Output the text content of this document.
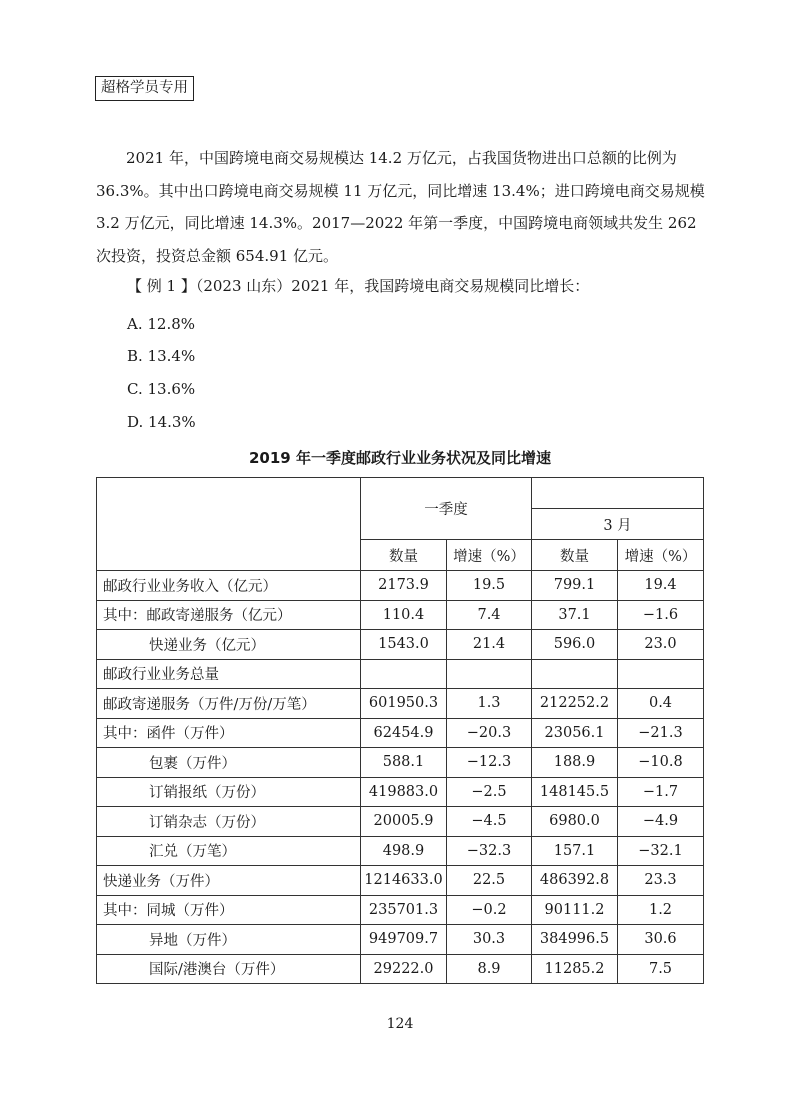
超格学员专用

2021 年，中国跨境电商交易规模达 14.2 万亿元，占我国货物进出口总额的比例为 36.3%。其中出口跨境电商交易规模 11 万亿元，同比增速 13.4%；进口跨境电商交易规模 3.2 万亿元，同比增速 14.3%。2017—2022 年第一季度，中国跨境电商领域共发生 262 次投资，投资总金额 654.91 亿元。

【 例 1 】（2023 山东）2021 年，我国跨境电商交易规模同比增长：
A. 12.8%
B. 13.4%
C. 13.6%
D. 14.3%
2019 年一季度邮政行业业务状况及同比增速
	一季度			
			3 月	
	数量	增速（%）	数量	增速（%）
邮政行业业务收入（亿元）	2173.9	19.5	799.1	19.4
其中：邮政寄递服务（亿元）	110.4	7.4	37.1	−1.6
快递业务（亿元）	1543.0	21.4	596.0	23.0
邮政行业业务总量				
邮政寄递服务（万件/万份/万笔）	601950.3	1.3	212252.2	0.4
其中：函件（万件）	62454.9	−20.3	23056.1	−21.3
包裹（万件）	588.1	−12.3	188.9	−10.8
订销报纸（万份）	419883.0	−2.5	148145.5	−1.7
订销杂志（万份）	20005.9	−4.5	6980.0	−4.9
汇兑（万笔）	498.9	−32.3	157.1	−32.1
快递业务（万件）	1214633.0	22.5	486392.8	23.3
其中：同城（万件）	235701.3	−0.2	90111.2	1.2
异地（万件）	949709.7	30.3	384996.5	30.6
国际/港澳台（万件）	29222.0	8.9	11285.2	7.5
124
